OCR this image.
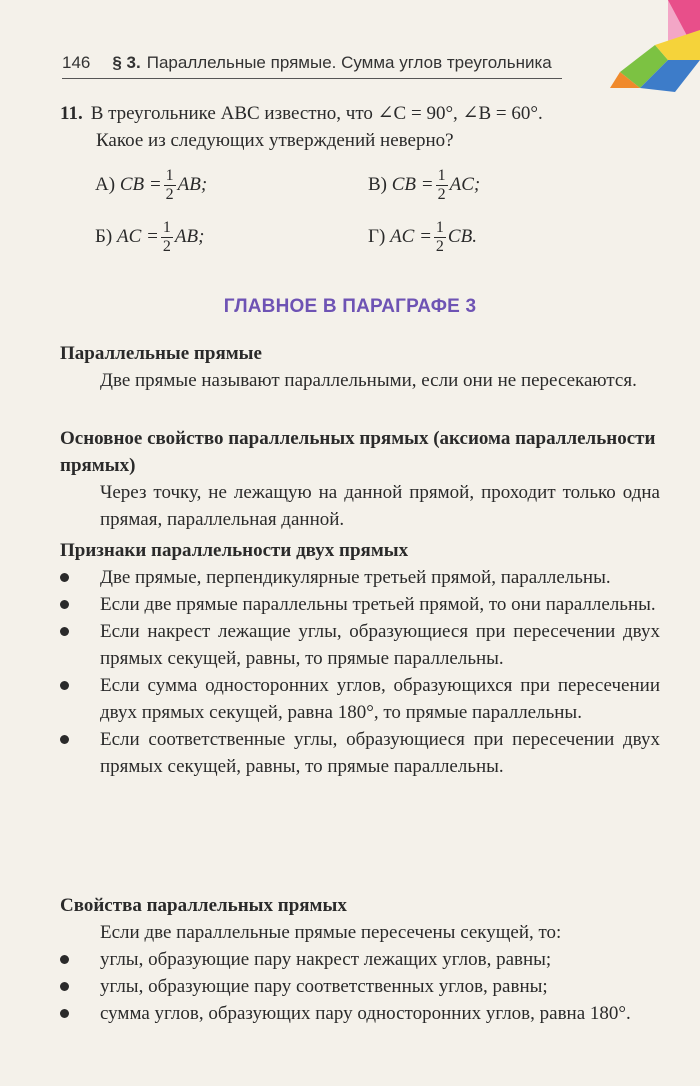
146 § 3. Параллельные прямые. Сумма углов треугольника
11. В треугольнике ABC известно, что ∠C = 90°, ∠B = 60°.
Какое из следующих утверждений неверно?
А)
CB = $\frac{1}{2}$ AB;	В)
CB = $\frac{1}{2}$ AC;
Б)
AC = $\frac{1}{2}$ AB;	Г)
AC = $\frac{1}{2}$ CB.
ГЛАВНОЕ В ПАРАГРАФЕ 3
Параллельные прямые
Две прямые называют параллельными, если они не пересекаются.
Основное свойство параллельных прямых (аксиома параллельности прямых)
Через точку, не лежащую на данной прямой, проходит только одна прямая, параллельная данной.
Признаки параллельности двух прямых
Две прямые, перпендикулярные третьей прямой, параллельны.
Если две прямые параллельны третьей прямой, то они параллельны.
Если накрест лежащие углы, образующиеся при пересечении двух прямых секущей, равны, то прямые параллельны.
Если сумма односторонних углов, образующихся при пересечении двух прямых секущей, равна 180°, то прямые параллельны.
Если соответственные углы, образующиеся при пересечении двух прямых секущей, равны, то прямые параллельны.
Свойства параллельных прямых
Если две параллельные прямые пересечены секущей, то:
углы, образующие пару накрест лежащих углов, равны;
углы, образующие пару соответственных углов, равны;
сумма углов, образующих пару односторонних углов, равна 180°.
